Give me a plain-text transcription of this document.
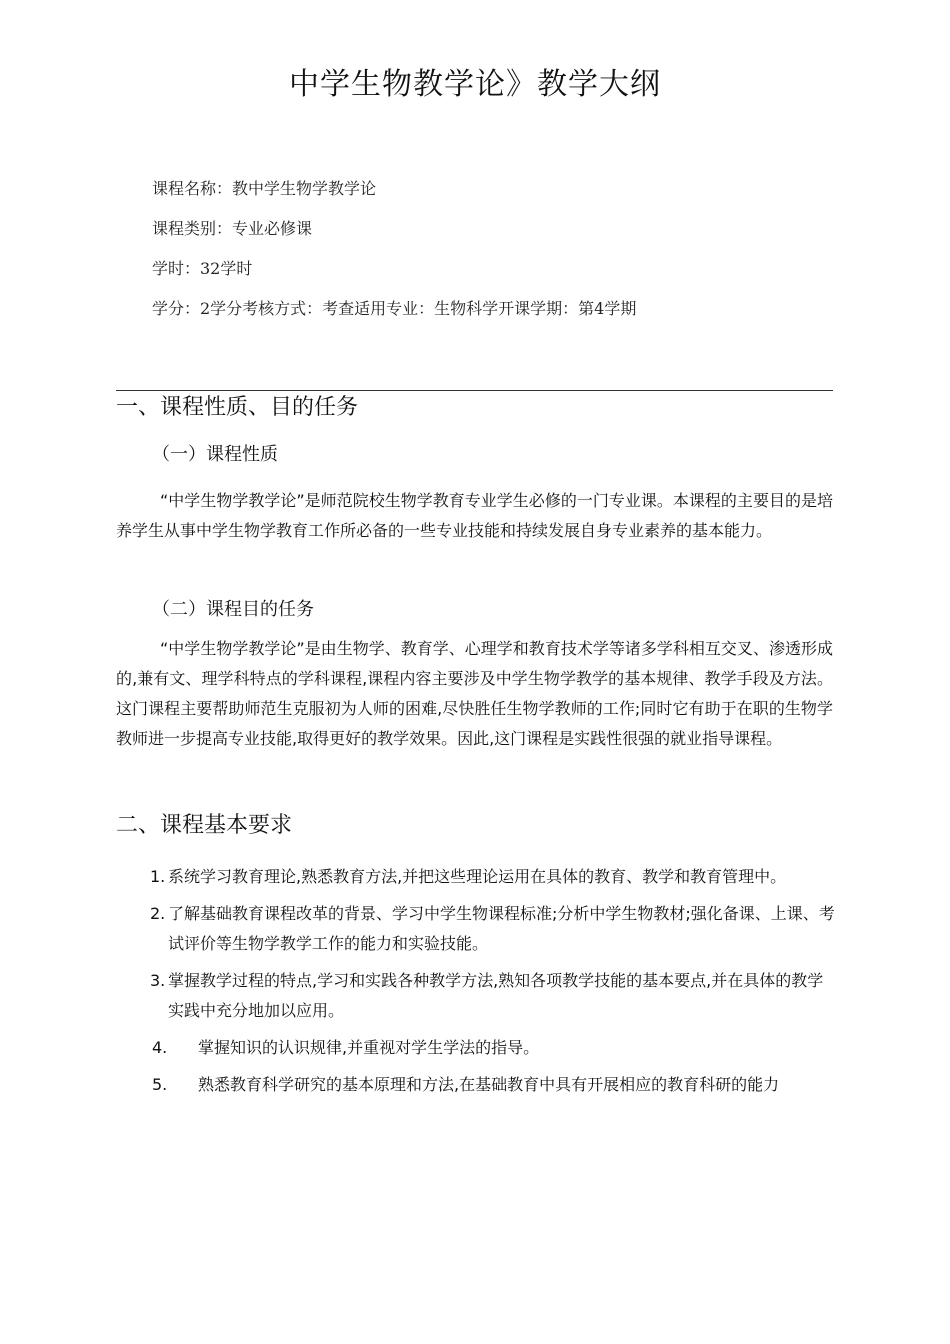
中学生物教学论》教学大纲
课程名称：教中学生物学教学论
课程类别：专业必修课
学时：32学时
学分：2学分考核方式：考查适用专业：生物科学开课学期：第4学期
一、课程性质、目的任务
（一）课程性质
“中学生物学教学论”是师范院校生物学教育专业学生必修的一门专业课。本课程的主要目的是培养学生从事中学生物学教育工作所必备的一些专业技能和持续发展自身专业素养的基本能力。
（二）课程目的任务
“中学生物学教学论”是由生物学、教育学、心理学和教育技术学等诸多学科相互交叉、渗透形成的,兼有文、理学科特点的学科课程,课程内容主要涉及中学生物学教学的基本规律、教学手段及方法。这门课程主要帮助师范生克服初为人师的困难,尽快胜任生物学教师的工作;同时它有助于在职的生物学教师进一步提高专业技能,取得更好的教学效果。因此,这门课程是实践性很强的就业指导课程。
二、课程基本要求
1. 系统学习教育理论,熟悉教育方法,并把这些理论运用在具体的教育、教学和教育管理中。
2. 了解基础教育课程改革的背景、学习中学生物课程标准;分析中学生物教材;强化备课、上课、考试评价等生物学教学工作的能力和实验技能。
3. 掌握教学过程的特点,学习和实践各种教学方法,熟知各项教学技能的基本要点,并在具体的教学实践中充分地加以应用。
4. 掌握知识的认识规律,并重视对学生学法的指导。
5. 熟悉教育科学研究的基本原理和方法,在基础教育中具有开展相应的教育科研的能力
